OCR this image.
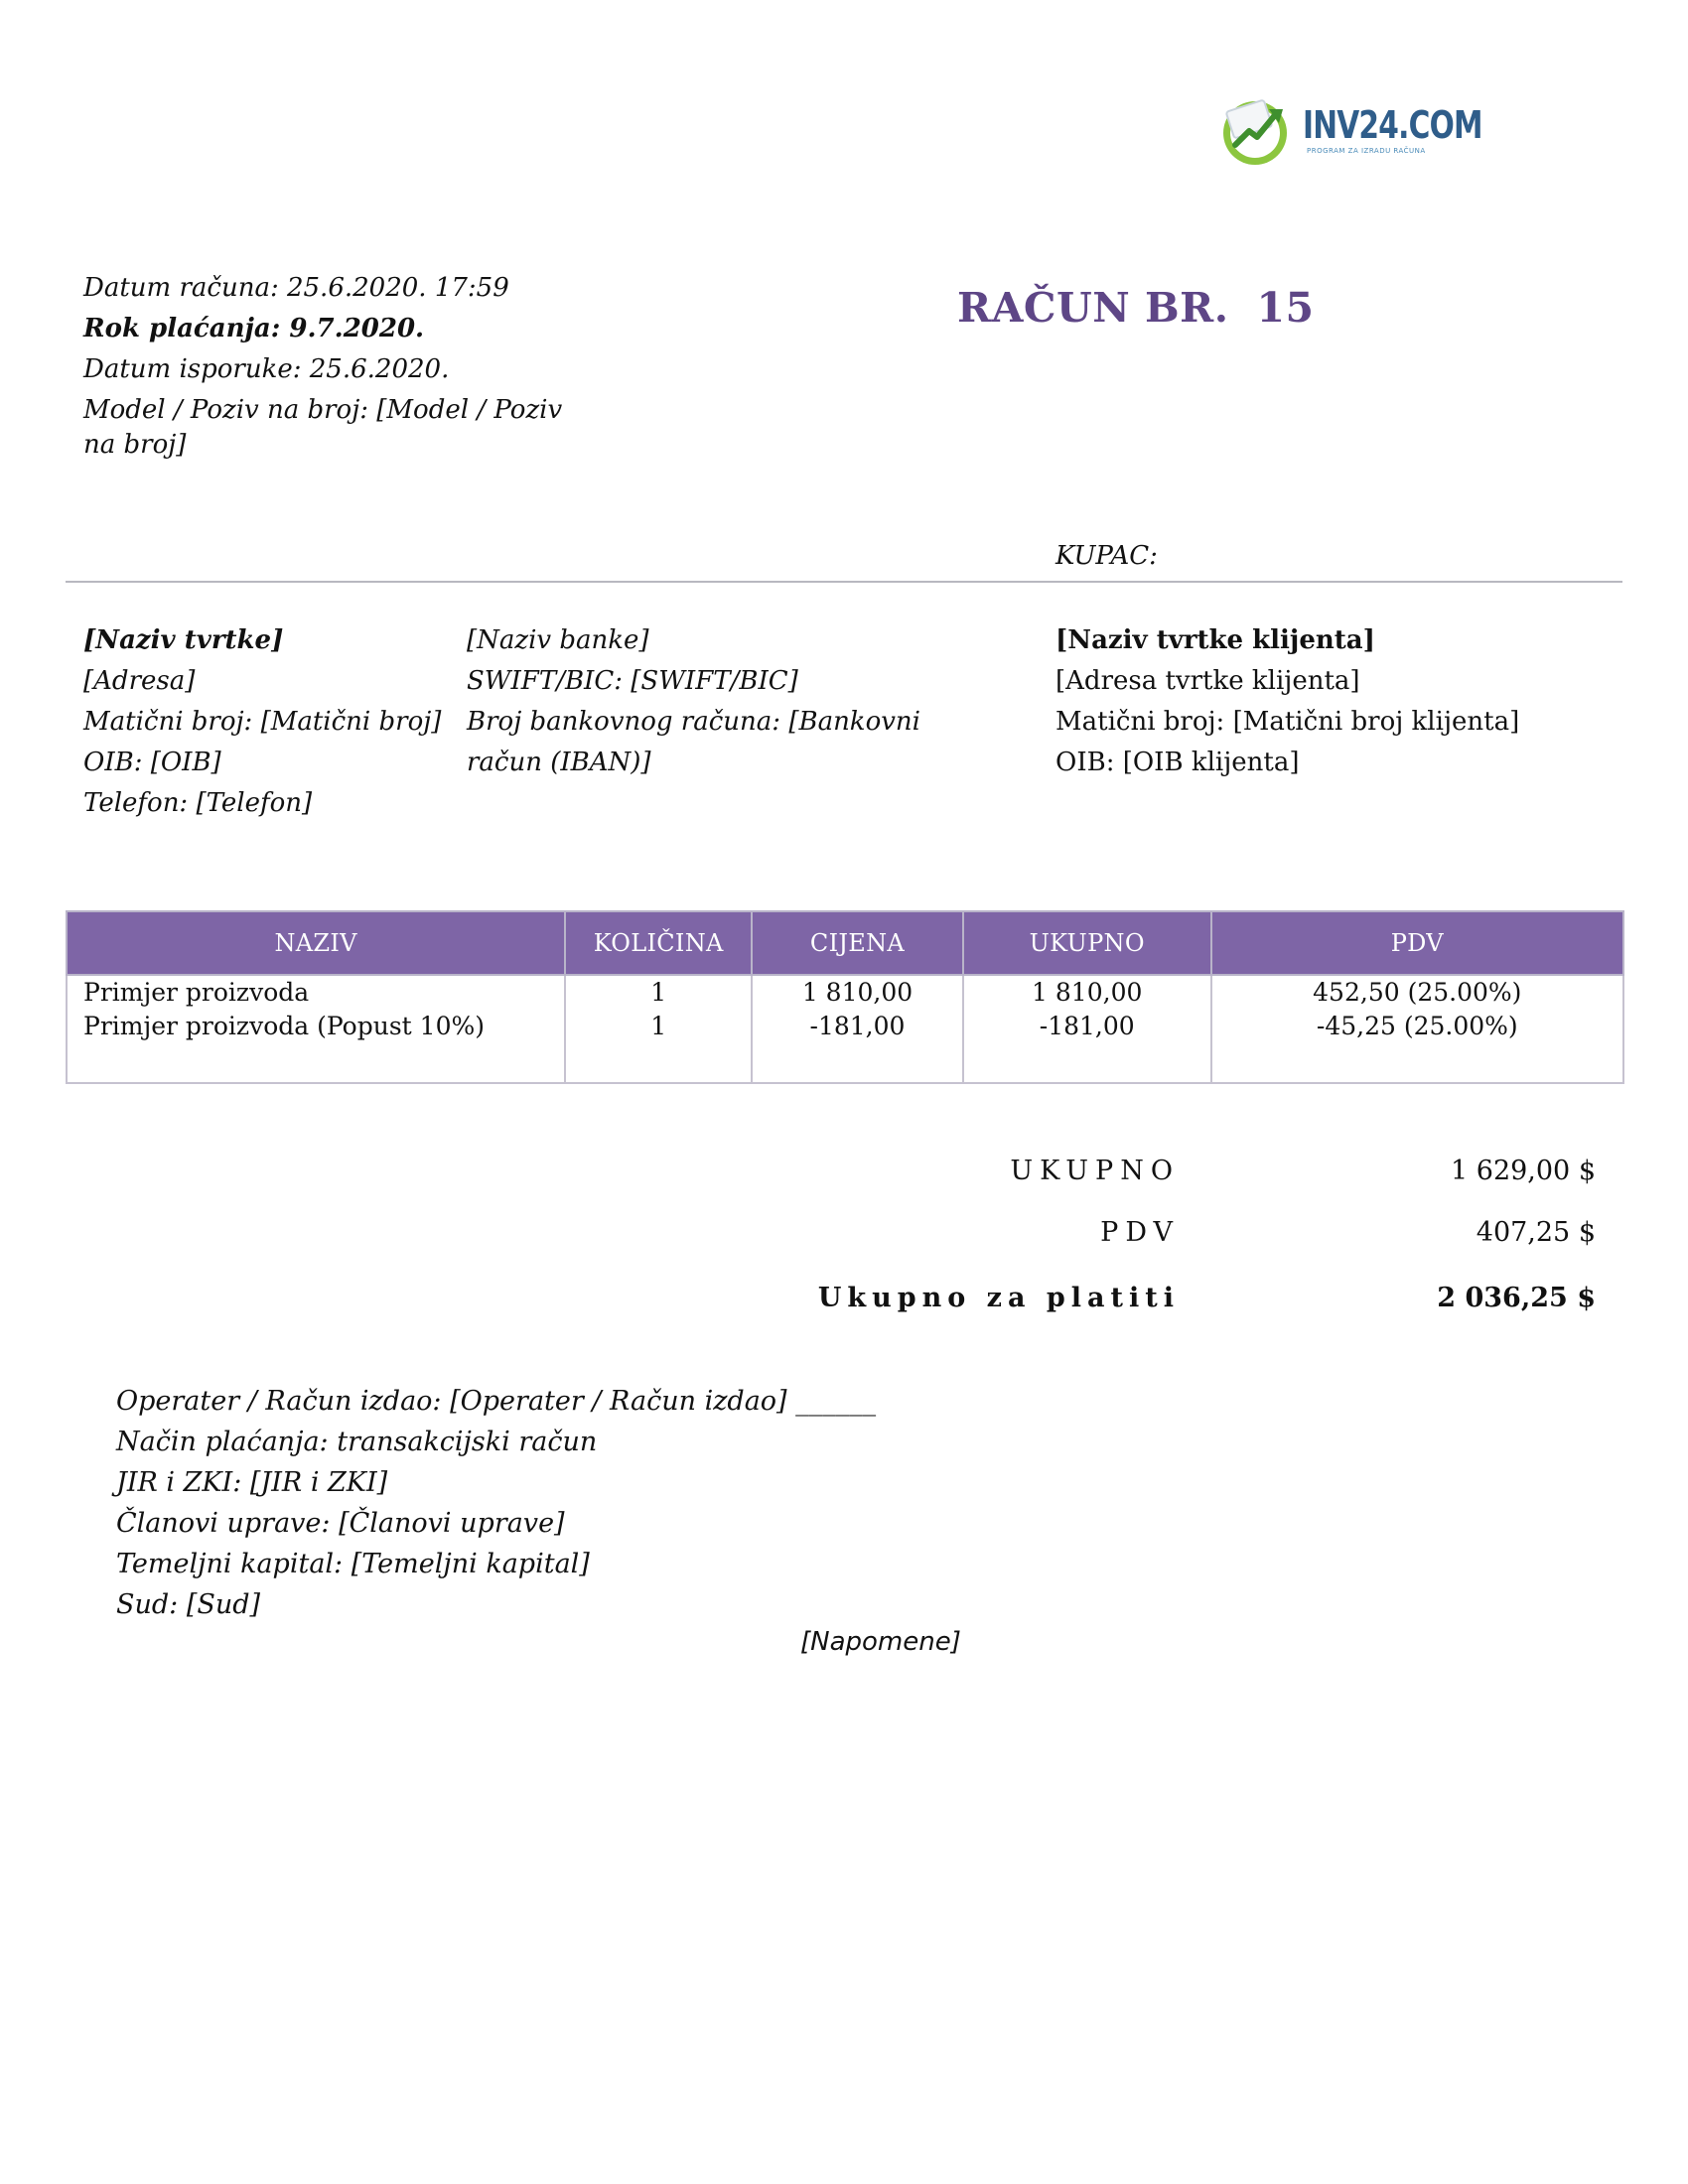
INV24.COM
PROGRAM ZA IZRADU RAČUNA
Datum računa: 25.6.2020. 17:59
Rok plaćanja: 9.7.2020.
Datum isporuke: 25.6.2020.
Model / Poziv na broj: [Model / Poziv
na broj]
RAČUN BR. 15
KUPAC:
[Naziv tvrtke]
[Adresa]
Matični broj: [Matični broj]
OIB: [OIB]
Telefon: [Telefon]
[Naziv banke]
SWIFT/BIC: [SWIFT/BIC]
Broj bankovnog računa: [Bankovni
račun (IBAN)]
[Naziv tvrtke klijenta]
[Adresa tvrtke klijenta]
Matični broj: [Matični broj klijenta]
OIB: [OIB klijenta]
NAZIV	KOLIČINA	CIJENA	UKUPNO	PDV
Primjer proizvoda	1	1 810,00	1 810,00	452,50 (25.00%)
Primjer proizvoda (Popust 10%)	1	-181,00	-181,00	-45,25 (25.00%)
UKUPNO	1 629,00 $
PDV	407,25 $
Ukupno za platiti	2 036,25 $
Operater / Račun izdao: [Operater / Račun izdao] ______
Način plaćanja: transakcijski račun
JIR i ZKI: [JIR i ZKI]
Članovi uprave: [Članovi uprave]
Temeljni kapital: [Temeljni kapital]
Sud: [Sud]
[Napomene]
